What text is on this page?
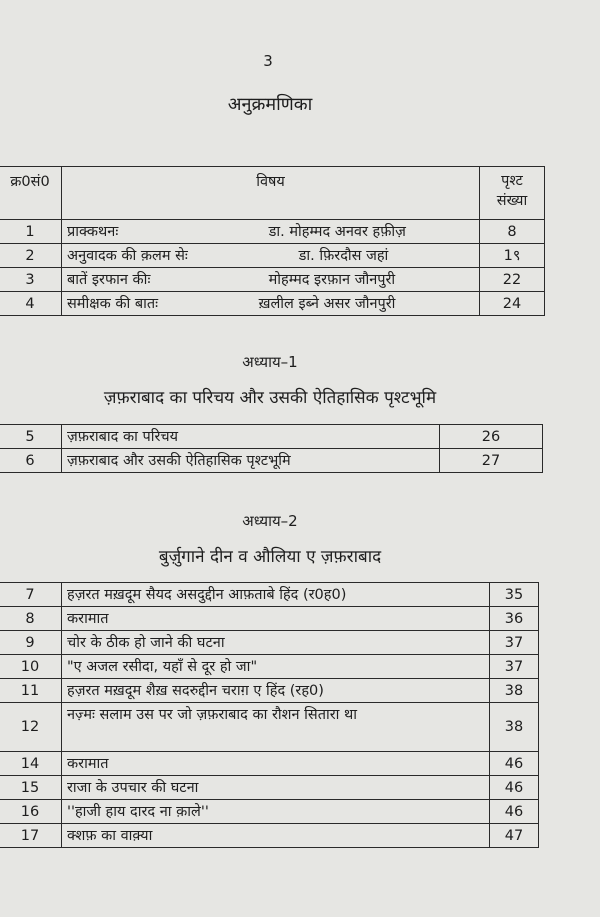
3
अनुक्रमणिका
क्र0सं0	विषय	पृश्ट संख्या
1	प्राक्कथनः डा. मोहम्मद अनवर हफ़ीज़	8
2	अनुवादक की क़लम सेः डा. फ़िरदौस जहां	1९
3	बातें इरफान कीः मोहम्मद इरफ़ान जौनपुरी	22
4	समीक्षक की बातः ख़लील इब्ने असर जौनपुरी	24
अध्याय–1
ज़फ़राबाद का परिचय और उसकी ऐतिहासिक पृश्टभूमि
5	ज़फ़राबाद का परिचय	26
6	ज़फ़राबाद और उसकी ऐतिहासिक पृश्टभूमि	27
अध्याय–2
बुर्ज़ुगाने दीन व औलिया ए ज़फ़राबाद
7	हज़रत मख़दूम सैयद असदुद्दीन आफ़ताबे हिंद (र0ह0)	35
8	करामात	36
9	चोर के ठीक हो जाने की घटना	37
10	"ए अजल रसीदा, यहाँ से दूर हो जा"	37
11	हज़रत मख़दूम शैख़ सदरुद्दीन चराग़ ए हिंद (रह0)	38
12	नज़्मः सलाम उस पर जो ज़फ़राबाद का रौशन सितारा था	38
14	करामात	46
15	राजा के उपचार की घटना	46
16	''हाजी हाय दारद ना क़ाले''	46
17	क्शफ़ का वाक़्या	47
